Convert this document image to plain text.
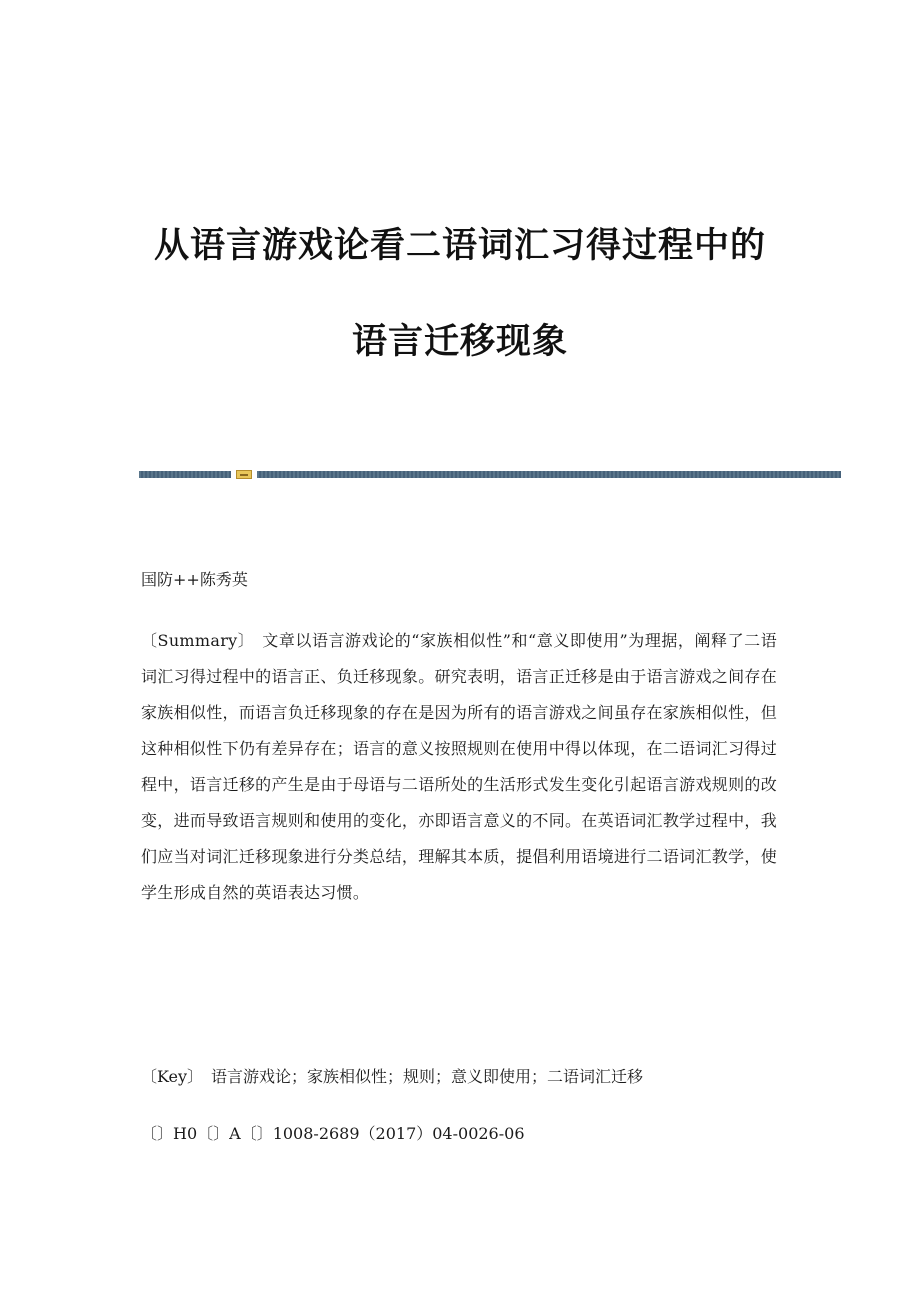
从语言游戏论看二语词汇习得过程中的
语言迁移现象
国防++陈秀英
〔Summary〕 文章以语言游戏论的“家族相似性”和“意义即使用”为理据，阐释了二语词汇习得过程中的语言正、负迁移现象。研究表明，语言正迁移是由于语言游戏之间存在家族相似性，而语言负迁移现象的存在是因为所有的语言游戏之间虽存在家族相似性，但这种相似性下仍有差异存在；语言的意义按照规则在使用中得以体现，在二语词汇习得过程中，语言迁移的产生是由于母语与二语所处的生活形式发生变化引起语言游戏规则的改变，进而导致语言规则和使用的变化，亦即语言意义的不同。在英语词汇教学过程中，我们应当对词汇迁移现象进行分类总结，理解其本质，提倡利用语境进行二语词汇教学，使学生形成自然的英语表达习惯。
〔Key〕 语言游戏论；家族相似性；规则；意义即使用；二语词汇迁移
〔〕H0〔〕A〔〕1008-2689（2017）04-0026-06
